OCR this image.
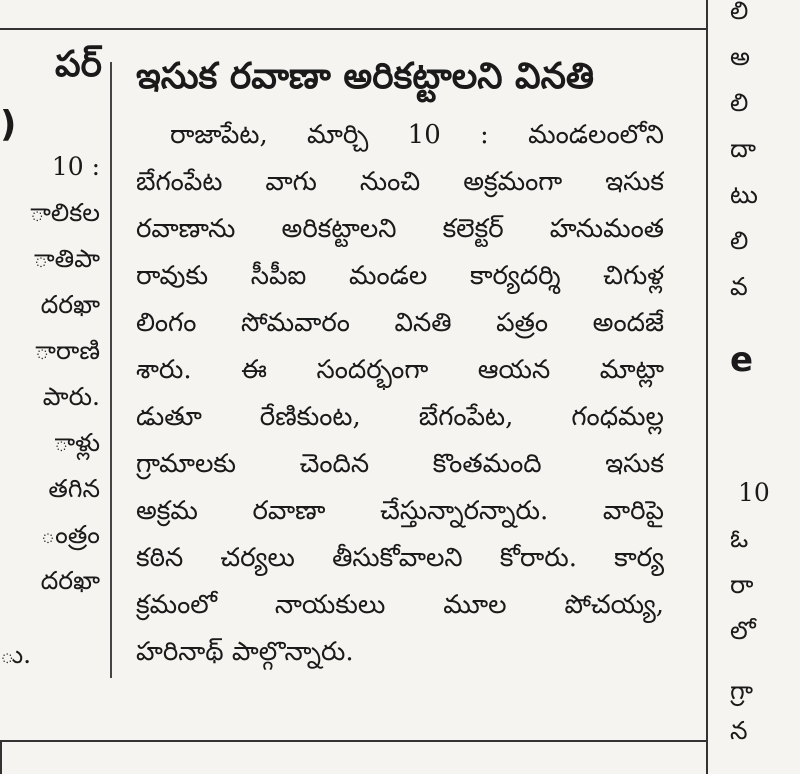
పర్
)
10 :
ాలికల
ాతిపా
దరఖా
ారాణి
పారు.
ాళ్లు
తగిన
ంత్రం
దరఖా
ు.
ఇసుక రవాణా అరికట్టాలని వినతి
రాజాపేట, మార్చి 10 : మండలంలోని
బేగంపేట వాగు నుంచి అక్రమంగా ఇసుక
రవాణాను అరికట్టాలని కలెక్టర్ హనుమంత
రావుకు సీపీఐ మండల కార్యదర్శి చిగుళ్ల
లింగం సోమవారం వినతి పత్రం అందజే
శారు. ఈ సందర్భంగా ఆయన మాట్లా
డుతూ రేణికుంట, బేగంపేట, గంధమల్ల
గ్రామాలకు చెందిన కొంతమంది ఇసుక
అక్రమ రవాణా చేస్తున్నారన్నారు. వారిపై
కఠిన చర్యలు తీసుకోవాలని కోరారు. కార్య
క్రమంలో నాయకులు మూల పోచయ్య,
హరినాథ్ పాల్గొన్నారు.
లి
అ
లి
దా
టు
లి
వ
e
10
ఓ
రా
లో
గ్రా
న
